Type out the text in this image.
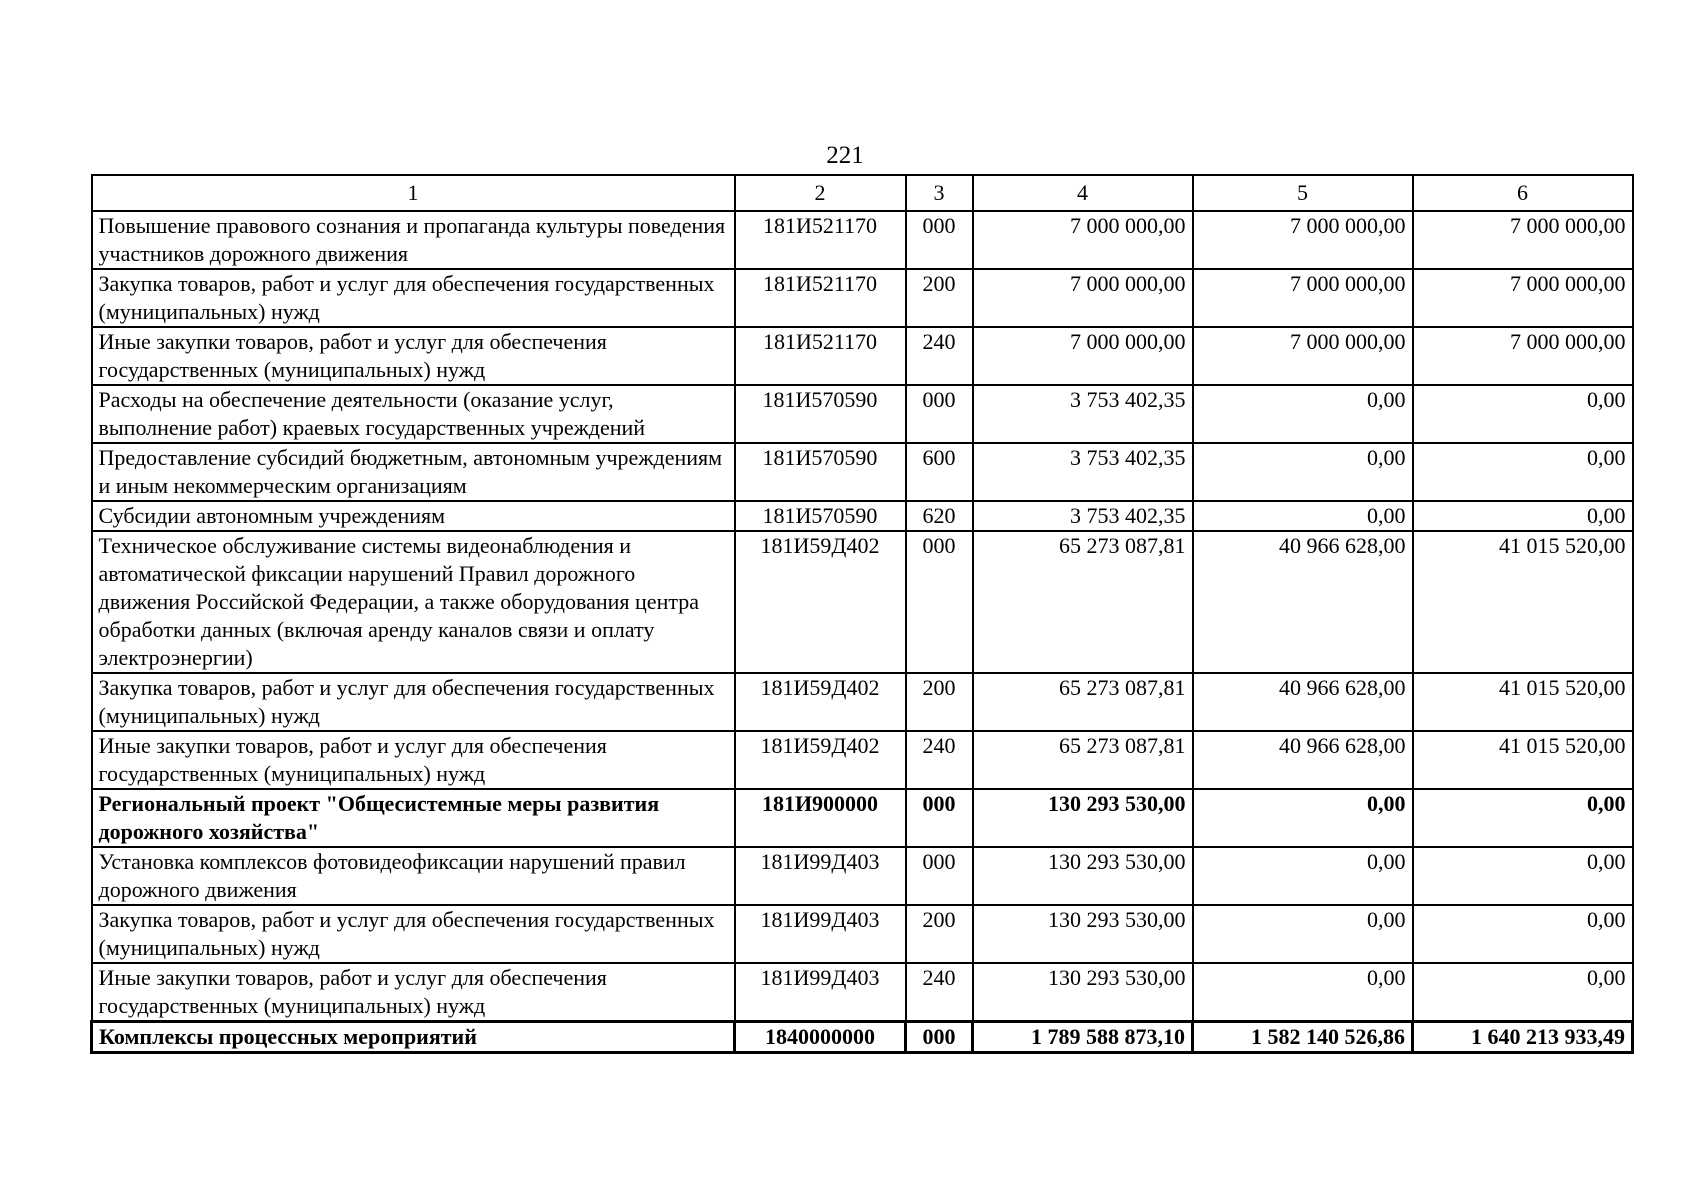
221
1	2	3	4	5	6
Повышение правового сознания и пропаганда культуры поведения участников дорожного движения	181И521170	000	7 000 000,00	7 000 000,00	7 000 000,00
Закупка товаров, работ и услуг для обеспечения государственных (муниципальных) нужд	181И521170	200	7 000 000,00	7 000 000,00	7 000 000,00
Иные закупки товаров, работ и услуг для обеспечения государственных (муниципальных) нужд	181И521170	240	7 000 000,00	7 000 000,00	7 000 000,00
Расходы на обеспечение деятельности (оказание услуг, выполнение работ) краевых государственных учреждений	181И570590	000	3 753 402,35	0,00	0,00
Предоставление субсидий бюджетным, автономным учреждениям и иным некоммерческим организациям	181И570590	600	3 753 402,35	0,00	0,00
Субсидии автономным учреждениям	181И570590	620	3 753 402,35	0,00	0,00
Техническое обслуживание системы видеонаблюдения и автоматической фиксации нарушений Правил дорожного движения Российской Федерации, а также оборудования центра обработки данных (включая аренду каналов связи и оплату электроэнергии)	181И59Д402	000	65 273 087,81	40 966 628,00	41 015 520,00
Закупка товаров, работ и услуг для обеспечения государственных (муниципальных) нужд	181И59Д402	200	65 273 087,81	40 966 628,00	41 015 520,00
Иные закупки товаров, работ и услуг для обеспечения государственных (муниципальных) нужд	181И59Д402	240	65 273 087,81	40 966 628,00	41 015 520,00
Региональный проект "Общесистемные меры развития дорожного хозяйства"	181И900000	000	130 293 530,00	0,00	0,00
Установка комплексов фотовидеофиксации нарушений правил дорожного движения	181И99Д403	000	130 293 530,00	0,00	0,00
Закупка товаров, работ и услуг для обеспечения государственных (муниципальных) нужд	181И99Д403	200	130 293 530,00	0,00	0,00
Иные закупки товаров, работ и услуг для обеспечения государственных (муниципальных) нужд	181И99Д403	240	130 293 530,00	0,00	0,00
Комплексы процессных мероприятий	1840000000	000	1 789 588 873,10	1 582 140 526,86	1 640 213 933,49
